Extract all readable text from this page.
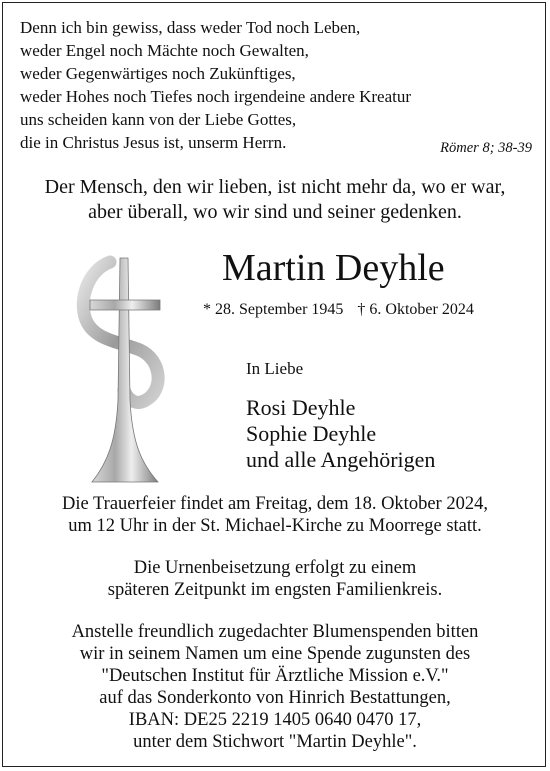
Denn ich bin gewiss, dass weder Tod noch Leben,
weder Engel noch Mächte noch Gewalten,
weder Gegenwärtiges noch Zukünftiges,
weder Hohes noch Tiefes noch irgendeine andere Kreatur
uns scheiden kann von der Liebe Gottes,
die in Christus Jesus ist, unserm Herrn.	Römer 8; 38-39
Der Mensch, den wir lieben, ist nicht mehr da, wo er war,
aber überall, wo wir sind und seiner gedenken.
Martin Deyhle
* 28. September 1945 † 6. Oktober 2024
In Liebe
Rosi Deyhle
Sophie Deyhle
und alle Angehörigen
Die Trauerfeier findet am Freitag, dem 18. Oktober 2024,
um 12 Uhr in der St. Michael-Kirche zu Moorrege statt.
Die Urnenbeisetzung erfolgt zu einem
späteren Zeitpunkt im engsten Familienkreis.
Anstelle freundlich zugedachter Blumenspenden bitten
wir in seinem Namen um eine Spende zugunsten des
"Deutschen Institut für Ärztliche Mission e.V."
auf das Sonderkonto von Hinrich Bestattungen,
IBAN: DE25 2219 1405 0640 0470 17,
unter dem Stichwort "Martin Deyhle".
